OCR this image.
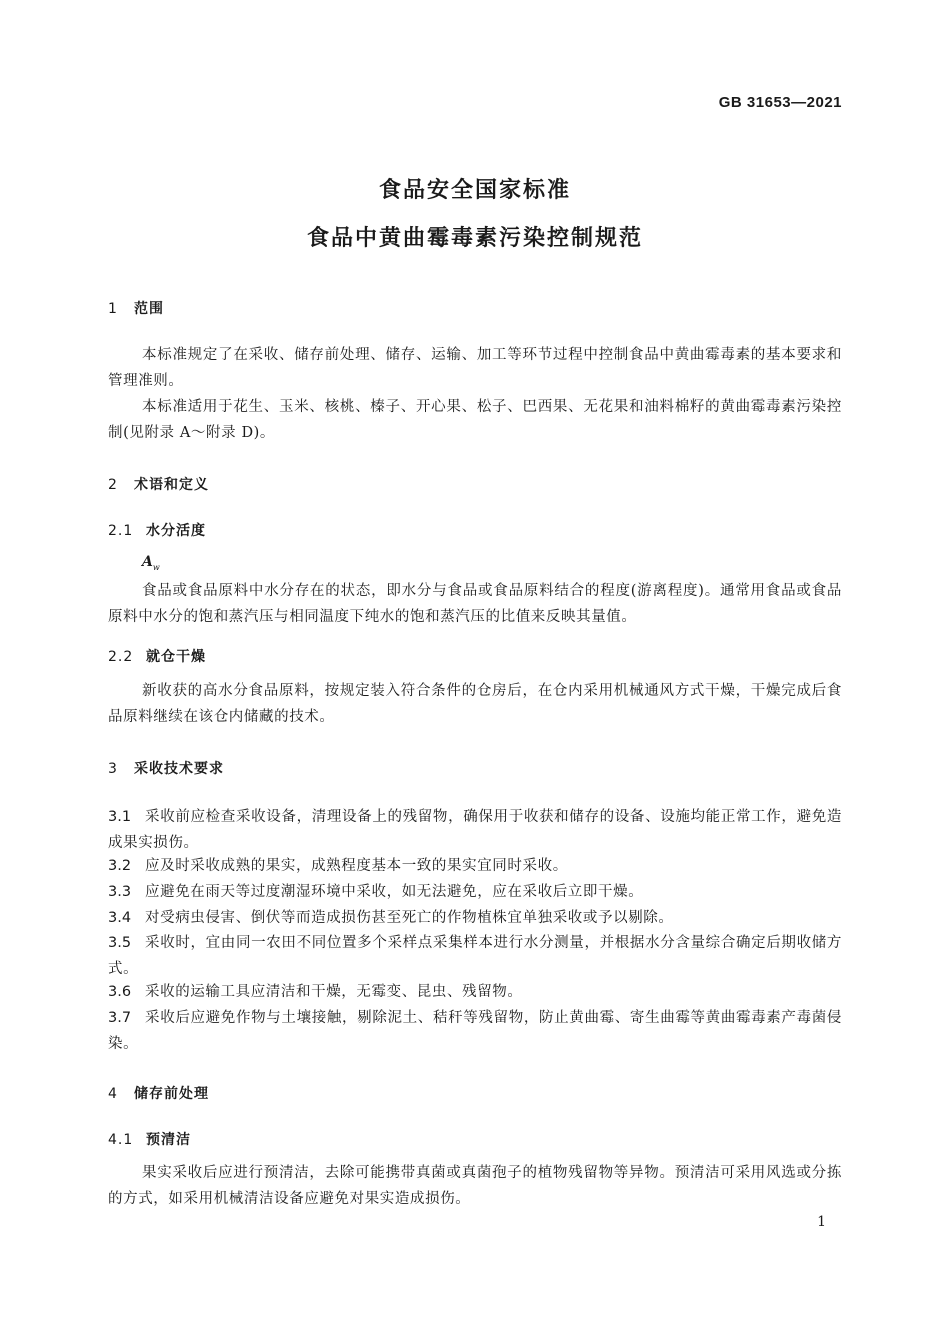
GB 31653—2021
食品安全国家标准
食品中黄曲霉毒素污染控制规范
1 范围
本标准规定了在采收、储存前处理、储存、运输、加工等环节过程中控制食品中黄曲霉毒素的基本要求和管理准则。
本标准适用于花生、玉米、核桃、榛子、开心果、松子、巴西果、无花果和油料棉籽的黄曲霉毒素污染控制(见附录 A～附录 D)。
2 术语和定义
2.1 水分活度
$A_w$
食品或食品原料中水分存在的状态，即水分与食品或食品原料结合的程度(游离程度)。通常用食品或食品原料中水分的饱和蒸汽压与相同温度下纯水的饱和蒸汽压的比值来反映其量值。
2.2 就仓干燥
新收获的高水分食品原料，按规定装入符合条件的仓房后，在仓内采用机械通风方式干燥，干燥完成后食品原料继续在该仓内储藏的技术。
3 采收技术要求
3.1 采收前应检查采收设备，清理设备上的残留物，确保用于收获和储存的设备、设施均能正常工作，避免造成果实损伤。
3.2 应及时采收成熟的果实，成熟程度基本一致的果实宜同时采收。
3.3 应避免在雨天等过度潮湿环境中采收，如无法避免，应在采收后立即干燥。
3.4 对受病虫侵害、倒伏等而造成损伤甚至死亡的作物植株宜单独采收或予以剔除。
3.5 采收时，宜由同一农田不同位置多个采样点采集样本进行水分测量，并根据水分含量综合确定后期收储方式。
3.6 采收的运输工具应清洁和干燥，无霉变、昆虫、残留物。
3.7 采收后应避免作物与土壤接触，剔除泥土、秸秆等残留物，防止黄曲霉、寄生曲霉等黄曲霉毒素产毒菌侵染。
4 储存前处理
4.1 预清洁
果实采收后应进行预清洁，去除可能携带真菌或真菌孢子的植物残留物等异物。预清洁可采用风选或分拣的方式，如采用机械清洁设备应避免对果实造成损伤。
1
